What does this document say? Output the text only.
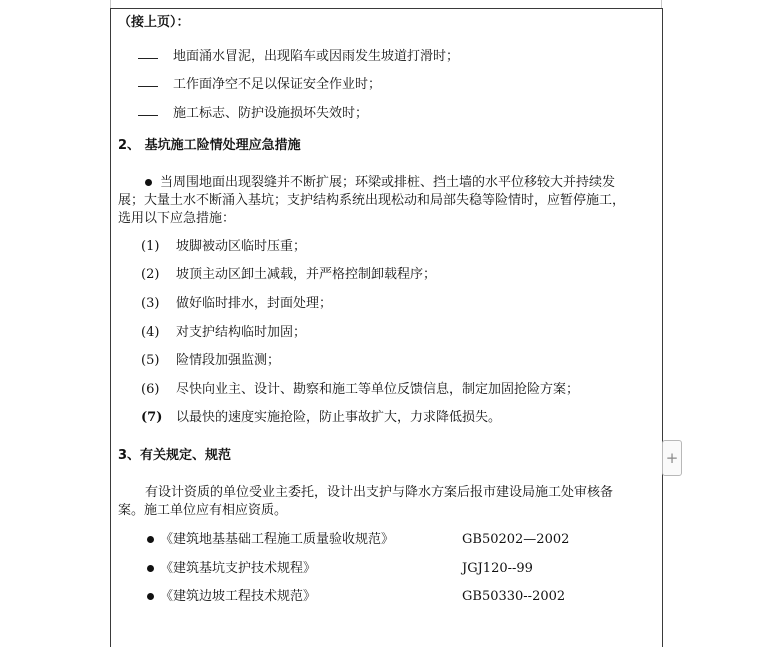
（接上页）：
地面涌水冒泥，出现陷车或因雨发生坡道打滑时；
工作面净空不足以保证安全作业时；
施工标志、防护设施损坏失效时；
2、 基坑施工险情处理应急措施
当周围地面出现裂缝并不断扩展；环梁或排桩、挡土墙的水平位移较大并持续发
展；大量土水不断涌入基坑；支护结构系统出现松动和局部失稳等险情时，应暂停施工，
选用以下应急措施：
(1) 坡脚被动区临时压重；
(2) 坡顶主动区卸土减载，并严格控制卸载程序；
(3) 做好临时排水，封面处理；
(4) 对支护结构临时加固；
(5) 险情段加强监测；
(6) 尽快向业主、设计、勘察和施工等单位反馈信息，制定加固抢险方案；
(7) 以最快的速度实施抢险，防止事故扩大，力求降低损失。
3、有关规定、规范
有设计资质的单位受业主委托，设计出支护与降水方案后报市建设局施工处审核备
案。施工单位应有相应资质。
《建筑地基基础工程施工质量验收规范》	GB50202—2002
《建筑基坑支护技术规程》	JGJ120--99
《建筑边坡工程技术规范》	GB50330--2002
+
